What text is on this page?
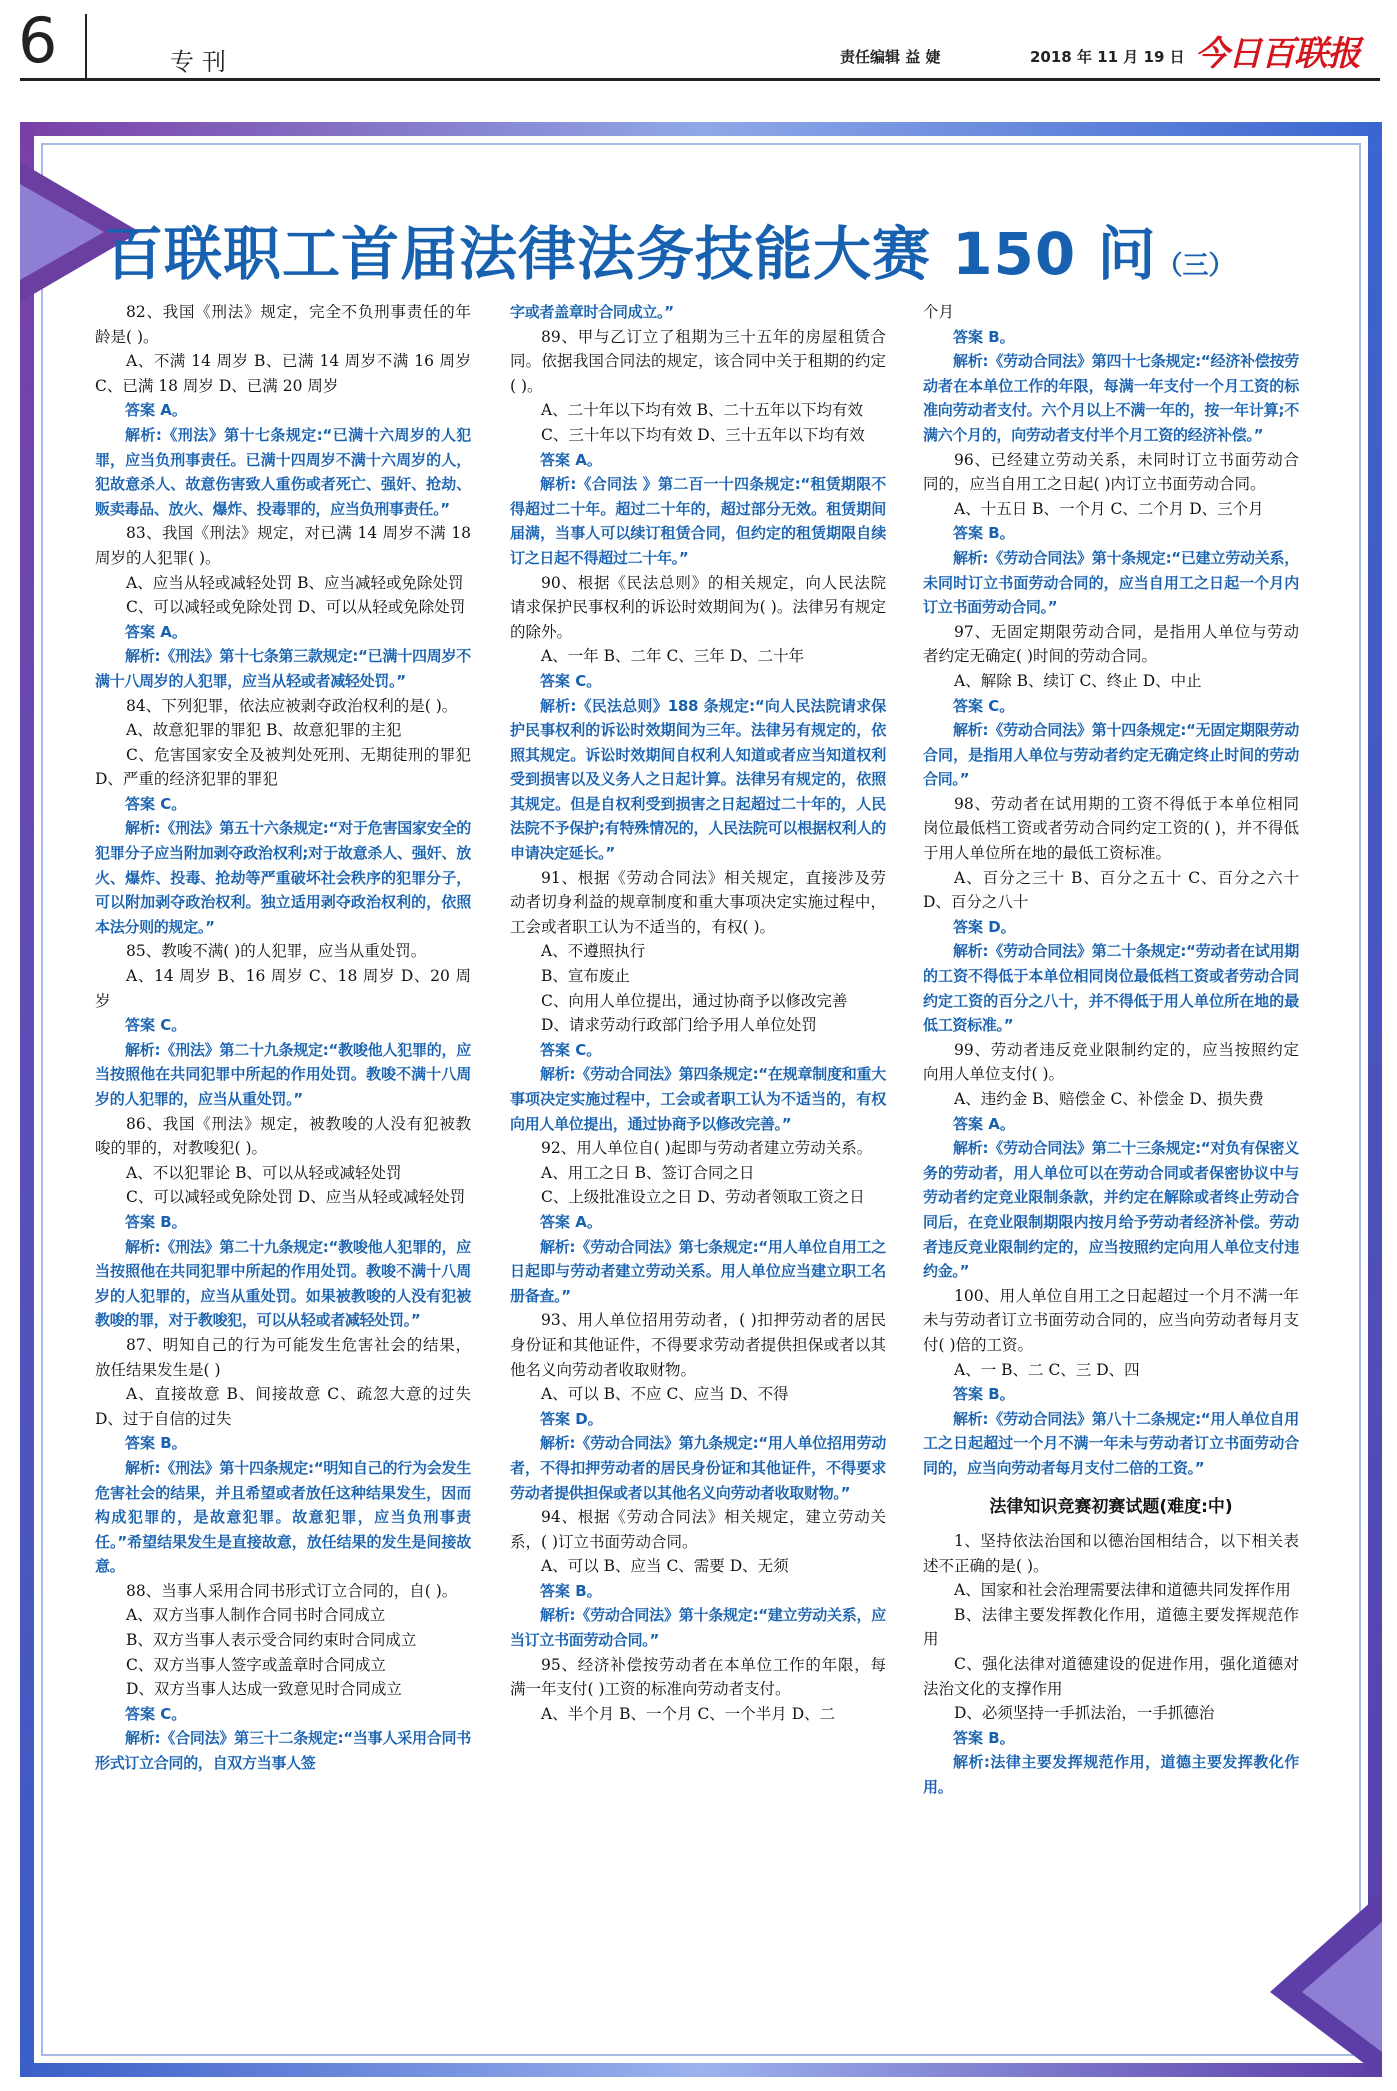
6	专刊	责任编辑 益 婕	2018 年 11 月 19 日 今日百联报
百联职工首届法律法务技能大赛 150 问（三）

82、我国《刑法》规定，完全不负刑事责任的年龄是( )。

A、不满 14 周岁 B、已满 14 周岁不满 16 周岁 C、已满 18 周岁 D、已满 20 周岁

答案 A。

解析:《刑法》第十七条规定:“已满十六周岁的人犯罪，应当负刑事责任。已满十四周岁不满十六周岁的人，犯故意杀人、故意伤害致人重伤或者死亡、强奸、抢劫、贩卖毒品、放火、爆炸、投毒罪的，应当负刑事责任。”

83、我国《刑法》规定，对已满 14 周岁不满 18 周岁的人犯罪( )。

A、应当从轻或减轻处罚 B、应当减轻或免除处罚

C、可以减轻或免除处罚 D、可以从轻或免除处罚

答案 A。

解析:《刑法》第十七条第三款规定:“已满十四周岁不满十八周岁的人犯罪，应当从轻或者减轻处罚。”

84、下列犯罪，依法应被剥夺政治权利的是( )。

A、故意犯罪的罪犯 B、故意犯罪的主犯

C、危害国家安全及被判处死刑、无期徒刑的罪犯 D、严重的经济犯罪的罪犯

答案 C。

解析:《刑法》第五十六条规定:“对于危害国家安全的犯罪分子应当附加剥夺政治权利;对于故意杀人、强奸、放火、爆炸、投毒、抢劫等严重破坏社会秩序的犯罪分子，可以附加剥夺政治权利。独立适用剥夺政治权利的，依照本法分则的规定。”

85、教唆不满( )的人犯罪，应当从重处罚。

A、14 周岁 B、16 周岁 C、18 周岁 D、20 周岁

答案 C。

解析:《刑法》第二十九条规定:“教唆他人犯罪的，应当按照他在共同犯罪中所起的作用处罚。教唆不满十八周岁的人犯罪的，应当从重处罚。”

86、我国《刑法》规定，被教唆的人没有犯被教唆的罪的，对教唆犯( )。

A、不以犯罪论 B、可以从轻或减轻处罚

C、可以减轻或免除处罚 D、应当从轻或减轻处罚

答案 B。

解析:《刑法》第二十九条规定:“教唆他人犯罪的，应当按照他在共同犯罪中所起的作用处罚。教唆不满十八周岁的人犯罪的，应当从重处罚。如果被教唆的人没有犯被教唆的罪，对于教唆犯，可以从轻或者减轻处罚。”

87、明知自己的行为可能发生危害社会的结果，放任结果发生是( )

A、直接故意 B、间接故意 C、疏忽大意的过失 D、过于自信的过失

答案 B。

解析:《刑法》第十四条规定:“明知自己的行为会发生危害社会的结果，并且希望或者放任这种结果发生，因而构成犯罪的，是故意犯罪。故意犯罪，应当负刑事责任。”希望结果发生是直接故意，放任结果的发生是间接故意。

88、当事人采用合同书形式订立合同的，自( )。

A、双方当事人制作合同书时合同成立

B、双方当事人表示受合同约束时合同成立

C、双方当事人签字或盖章时合同成立

D、双方当事人达成一致意见时合同成立

答案 C。

解析:《合同法》第三十二条规定:“当事人采用合同书形式订立合同的，自双方当事人签

字或者盖章时合同成立。”

89、甲与乙订立了租期为三十五年的房屋租赁合同。依据我国合同法的规定，该合同中关于租期的约定( )。

A、二十年以下均有效 B、二十五年以下均有效

C、三十年以下均有效 D、三十五年以下均有效

答案 A。

解析:《合同法 》第二百一十四条规定:“租赁期限不得超过二十年。超过二十年的，超过部分无效。租赁期间届满，当事人可以续订租赁合同，但约定的租赁期限自续订之日起不得超过二十年。”

90、根据《民法总则》的相关规定，向人民法院请求保护民事权利的诉讼时效期间为( )。法律另有规定的除外。

A、一年 B、二年 C、三年 D、二十年

答案 C。

解析:《民法总则》188 条规定:“向人民法院请求保护民事权利的诉讼时效期间为三年。法律另有规定的，依照其规定。诉讼时效期间自权利人知道或者应当知道权利受到损害以及义务人之日起计算。法律另有规定的，依照其规定。但是自权利受到损害之日起超过二十年的，人民法院不予保护;有特殊情况的，人民法院可以根据权利人的申请决定延长。”

91、根据《劳动合同法》相关规定，直接涉及劳动者切身利益的规章制度和重大事项决定实施过程中，工会或者职工认为不适当的，有权( )。

A、不遵照执行

B、宣布废止

C、向用人单位提出，通过协商予以修改完善

D、请求劳动行政部门给予用人单位处罚

答案 C。

解析:《劳动合同法》第四条规定:“在规章制度和重大事项决定实施过程中，工会或者职工认为不适当的，有权向用人单位提出，通过协商予以修改完善。”

92、用人单位自( )起即与劳动者建立劳动关系。

A、用工之日 B、签订合同之日

C、上级批准设立之日 D、劳动者领取工资之日

答案 A。

解析:《劳动合同法》第七条规定:“用人单位自用工之日起即与劳动者建立劳动关系。用人单位应当建立职工名册备查。”

93、用人单位招用劳动者，( )扣押劳动者的居民身份证和其他证件，不得要求劳动者提供担保或者以其他名义向劳动者收取财物。

A、可以 B、不应 C、应当 D、不得

答案 D。

解析:《劳动合同法》第九条规定:“用人单位招用劳动者，不得扣押劳动者的居民身份证和其他证件，不得要求劳动者提供担保或者以其他名义向劳动者收取财物。”

94、根据《劳动合同法》相关规定，建立劳动关系，( )订立书面劳动合同。

A、可以 B、应当 C、需要 D、无须

答案 B。

解析:《劳动合同法》第十条规定:“建立劳动关系，应当订立书面劳动合同。”

95、经济补偿按劳动者在本单位工作的年限，每满一年支付( )工资的标准向劳动者支付。

A、半个月 B、一个月 C、一个半月 D、二

个月

答案 B。

解析:《劳动合同法》第四十七条规定:“经济补偿按劳动者在本单位工作的年限，每满一年支付一个月工资的标准向劳动者支付。六个月以上不满一年的，按一年计算;不满六个月的，向劳动者支付半个月工资的经济补偿。”

96、已经建立劳动关系，未同时订立书面劳动合同的，应当自用工之日起( )内订立书面劳动合同。

A、十五日 B、一个月 C、二个月 D、三个月

答案 B。

解析:《劳动合同法》第十条规定:“已建立劳动关系，未同时订立书面劳动合同的，应当自用工之日起一个月内订立书面劳动合同。”

97、无固定期限劳动合同，是指用人单位与劳动者约定无确定( )时间的劳动合同。

A、解除 B、续订 C、终止 D、中止

答案 C。

解析:《劳动合同法》第十四条规定:“无固定期限劳动合同，是指用人单位与劳动者约定无确定终止时间的劳动合同。”

98、劳动者在试用期的工资不得低于本单位相同岗位最低档工资或者劳动合同约定工资的( )，并不得低于用人单位所在地的最低工资标准。

A、百分之三十 B、百分之五十 C、百分之六十 D、百分之八十

答案 D。

解析:《劳动合同法》第二十条规定:“劳动者在试用期的工资不得低于本单位相同岗位最低档工资或者劳动合同约定工资的百分之八十，并不得低于用人单位所在地的最低工资标准。”

99、劳动者违反竞业限制约定的，应当按照约定向用人单位支付( )。

A、违约金 B、赔偿金 C、补偿金 D、损失费

答案 A。

解析:《劳动合同法》第二十三条规定:“对负有保密义务的劳动者，用人单位可以在劳动合同或者保密协议中与劳动者约定竞业限制条款，并约定在解除或者终止劳动合同后，在竞业限制期限内按月给予劳动者经济补偿。劳动者违反竞业限制约定的，应当按照约定向用人单位支付违约金。”

100、用人单位自用工之日起超过一个月不满一年未与劳动者订立书面劳动合同的，应当向劳动者每月支付( )倍的工资。

A、一 B、二 C、三 D、四

答案 B。

解析:《劳动合同法》第八十二条规定:“用人单位自用工之日起超过一个月不满一年未与劳动者订立书面劳动合同的，应当向劳动者每月支付二倍的工资。”

法律知识竞赛初赛试题(难度:中)

1、坚持依法治国和以德治国相结合，以下相关表述不正确的是( )。

A、国家和社会治理需要法律和道德共同发挥作用

B、法律主要发挥教化作用，道德主要发挥规范作用

C、强化法律对道德建设的促进作用，强化道德对法治文化的支撑作用

D、必须坚持一手抓法治，一手抓德治

答案 B。

解析:法律主要发挥规范作用，道德主要发挥教化作用。
